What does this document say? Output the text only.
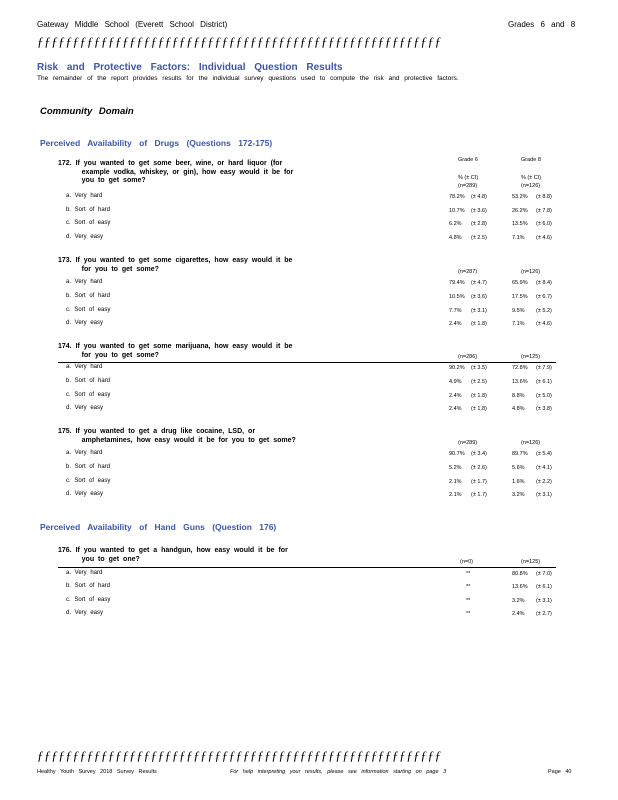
Gateway Middle School (Everett School District)	Grades 6 and 8
ƒƒƒƒƒƒƒƒƒƒƒƒƒƒƒƒƒƒƒƒƒƒƒƒƒƒƒƒƒƒƒƒƒƒƒƒƒƒƒƒƒƒƒƒƒƒƒƒƒƒƒƒƒƒƒƒƒ
Risk and Protective Factors: Individual Question Results
The remainder of the report provides results for the individual survey questions used to compute the risk and protective factors.
Community Domain
Perceived Availability of Drugs (Questions 172-175)
Grade 6	Grade 8
% (± CI)	% (± CI)
172. If you wanted to get some beer, wine, or hard liquor (for
example vodka, whiskey, or gin), how easy would it be for
you to get some?
(n=289)	(n=126)
a. Very hard	78.2% (± 4.8)	53.2% (± 8.8)
b. Sort of hard	10.7% (± 3.6)	26.2% (± 7.8)
c. Sort of easy	6.2% (± 2.8)	13.5% (± 6.0)
d. Very easy	4.8% (± 2.5)	7.1% (± 4.6)
173. If you wanted to get some cigarettes, how easy would it be
for you to get some?	(n=287)	(n=126)
a. Very hard	79.4% (± 4.7)	65.9% (± 8.4)
b. Sort of hard	10.5% (± 3.6)	17.5% (± 6.7)
c. Sort of easy	7.7% (± 3.1)	9.5% (± 5.2)
d. Very easy	2.4% (± 1.8)	7.1% (± 4.6)
174. If you wanted to get some marijuana, how easy would it be
for you to get some?	(n=286)	(n=125)
a. Very hard	90.2% (± 3.5)	72.8% (± 7.9)
b. Sort of hard	4.9% (± 2.5)	13.6% (± 6.1)
c. Sort of easy	2.4% (± 1.8)	8.8% (± 5.0)
d. Very easy	2.4% (± 1.8)	4.8% (± 3.8)
175. If you wanted to get a drug like cocaine, LSD, or
amphetamines, how easy would it be for you to get some?	(n=289)	(n=126)
a. Very hard	90.7% (± 3.4)	89.7% (± 5.4)
b. Sort of hard	5.2% (± 2.6)	5.6% (± 4.1)
c. Sort of easy	2.1% (± 1.7)	1.6% (± 2.2)
d. Very easy	2.1% (± 1.7)	3.2% (± 3.1)
Perceived Availability of Hand Guns (Question 176)
176. If you wanted to get a handgun, how easy would it be for
you to get one?	(n=0)	(n=125)
a. Very hard	**	80.8% (± 7.0)
b. Sort of hard	**	13.6% (± 6.1)
c. Sort of easy	**	3.2% (± 3.1)
d. Very easy	**	2.4% (± 2.7)
ƒƒƒƒƒƒƒƒƒƒƒƒƒƒƒƒƒƒƒƒƒƒƒƒƒƒƒƒƒƒƒƒƒƒƒƒƒƒƒƒƒƒƒƒƒƒƒƒƒƒƒƒƒƒƒƒƒ
Healthy Youth Survey 2018 Survey Results	For help interpreting your results, please see information starting on page 3	Page 40
